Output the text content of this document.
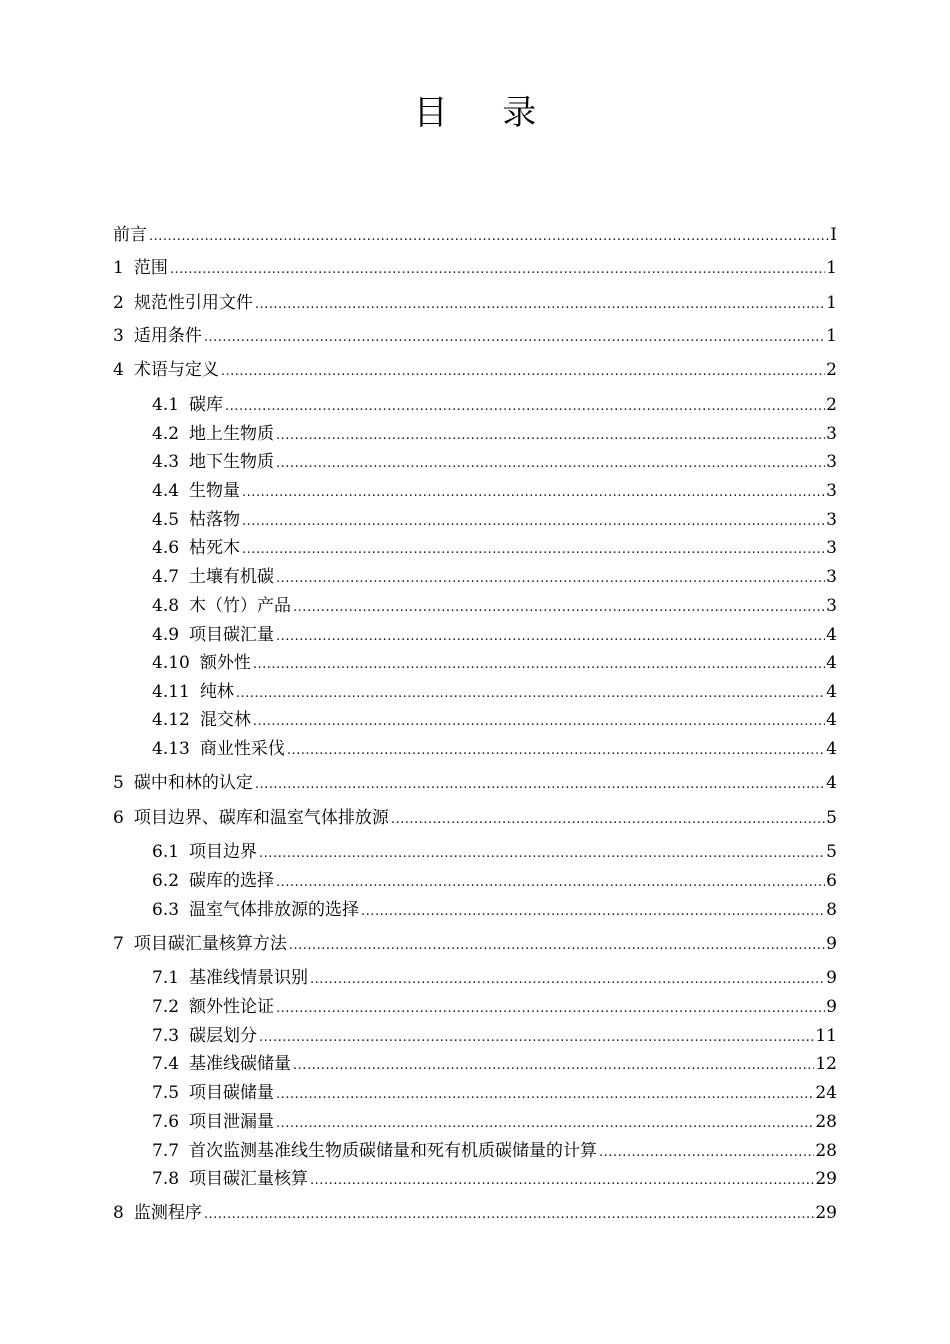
目 录
前言 .....	I
1 范围 .....	1
2 规范性引用文件 .....	1
3 适用条件 .....	1
4 术语与定义 .....	2
4.1 碳库 .....	2
4.2 地上生物质 .....	3
4.3 地下生物质 .....	3
4.4 生物量 .....	3
4.5 枯落物 .....	3
4.6 枯死木 .....	3
4.7 土壤有机碳 .....	3
4.8 木（竹）产品 .....	3
4.9 项目碳汇量 .....	4
4.10 额外性 .....	4
4.11 纯林 .....	4
4.12 混交林 .....	4
4.13 商业性采伐 .....	4
5 碳中和林的认定 .....	4
6 项目边界、碳库和温室气体排放源 .....	5
6.1 项目边界 .....	5
6.2 碳库的选择 .....	6
6.3 温室气体排放源的选择 .....	8
7 项目碳汇量核算方法 .....	9
7.1 基准线情景识别 .....	9
7.2 额外性论证 .....	9
7.3 碳层划分 .....	11
7.4 基准线碳储量 .....	12
7.5 项目碳储量 .....	24
7.6 项目泄漏量 .....	28
7.7 首次监测基准线生物质碳储量和死有机质碳储量的计算 .....	28
7.8 项目碳汇量核算 .....	29
8 监测程序 .....	29
